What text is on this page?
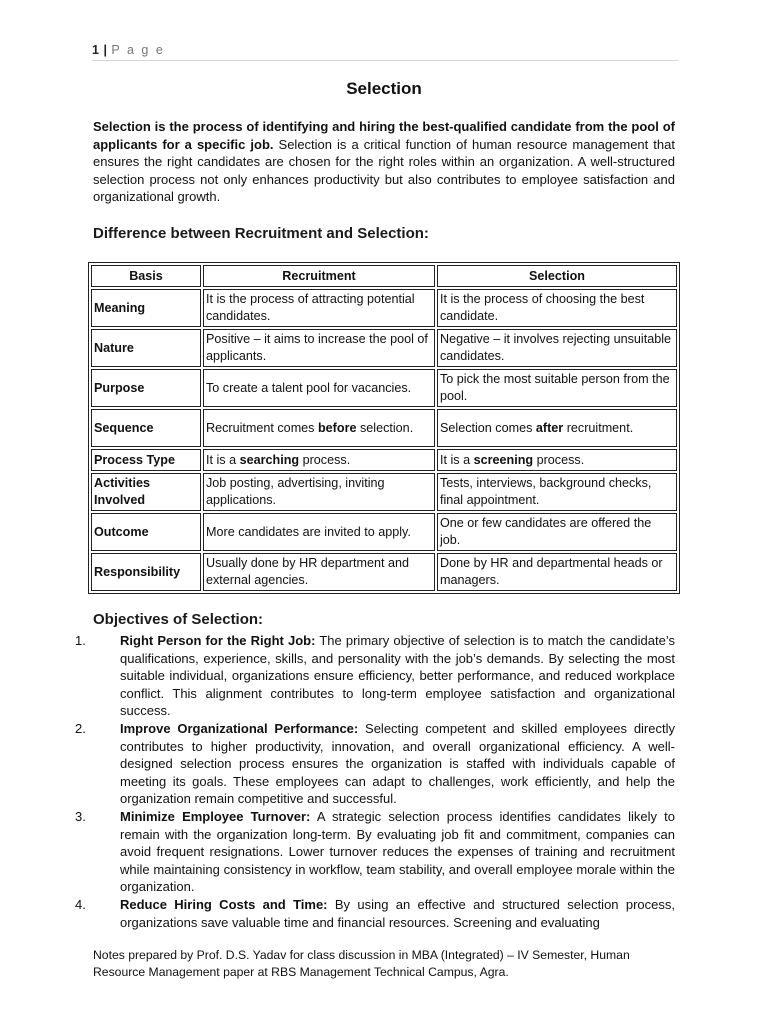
1 | P a g e
Selection

Selection is the process of identifying and hiring the best-qualified candidate from the pool of applicants for a specific job. Selection is a critical function of human resource management that ensures the right candidates are chosen for the right roles within an organization. A well-structured selection process not only enhances productivity but also contributes to employee satisfaction and organizational growth.

Difference between Recruitment and Selection:
Basis	Recruitment	Selection
Meaning	It is the process of attracting potential candidates.	It is the process of choosing the best candidate.
Nature	Positive – it aims to increase the pool of applicants.	Negative – it involves rejecting unsuitable candidates.
Purpose	To create a talent pool for vacancies.	To pick the most suitable person from the pool.
Sequence	Recruitment comes before selection.	Selection comes after recruitment.
Process Type	It is a searching process.	It is a screening process.
Activities Involved	Job posting, advertising, inviting applications.	Tests, interviews, background checks, final appointment.
Outcome	More candidates are invited to apply.	One or few candidates are offered the job.
Responsibility	Usually done by HR department and external agencies.	Done by HR and departmental heads or managers.
Objectives of Selection:
1.	Right Person for the Right Job: The primary objective of selection is to match the candidate’s qualifications, experience, skills, and personality with the job’s demands. By selecting the most suitable individual, organizations ensure efficiency, better performance, and reduced workplace conflict. This alignment contributes to long-term employee satisfaction and organizational success.
2.	Improve Organizational Performance: Selecting competent and skilled employees directly contributes to higher productivity, innovation, and overall organizational efficiency. A well-designed selection process ensures the organization is staffed with individuals capable of meeting its goals. These employees can adapt to challenges, work efficiently, and help the organization remain competitive and successful.
3.	Minimize Employee Turnover: A strategic selection process identifies candidates likely to remain with the organization long-term. By evaluating job fit and commitment, companies can avoid frequent resignations. Lower turnover reduces the expenses of training and recruitment while maintaining consistency in workflow, team stability, and overall employee morale within the organization.
4.	Reduce Hiring Costs and Time: By using an effective and structured selection process, organizations save valuable time and financial resources. Screening and evaluating
Notes prepared by Prof. D.S. Yadav for class discussion in MBA (Integrated) – IV Semester, Human Resource Management paper at RBS Management Technical Campus, Agra.
